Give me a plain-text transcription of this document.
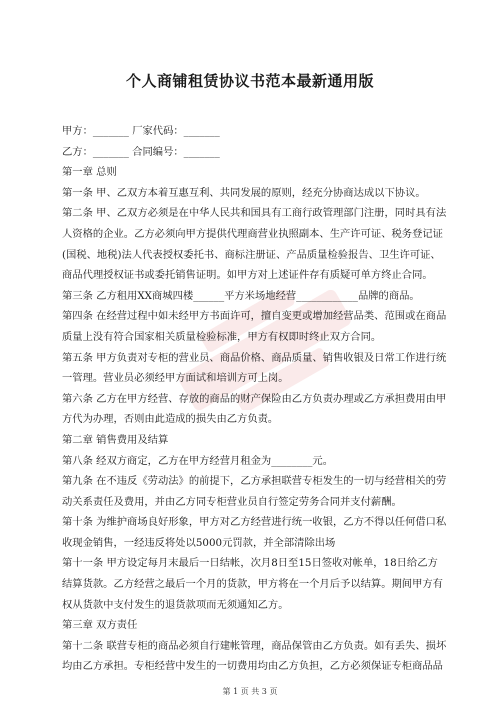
个人商铺租赁协议书范本最新通用版

甲方：_______ 厂家代码：_______

乙方：_______ 合同编号：_______

第一章 总则

第一条 甲、乙双方本着互惠互利、共同发展的原则，经充分协商达成以下协议。

第二条 甲、乙双方必须是在中华人民共和国具有工商行政管理部门注册，同时具有法

人资格的企业。乙方必须向甲方提供代理商营业执照副本、生产许可证、税务登记证

(国税、地税)法人代表授权委托书、商标注册证、产品质量检验报告、卫生许可证、

商品代理授权证书或委托销售证明。如甲方对上述证件存有质疑可单方终止合同。

第三条 乙方租用XX商城四楼______平方米场地经营____________品牌的商品。

第四条 在经营过程中如未经甲方书面许可，擅自变更或增加经营品类、范围或在商品

质量上没有符合国家相关质量检验标准，甲方有权即时终止双方合同。

第五条 甲方负责对专柜的营业员、商品价格、商品质量、销售收银及日常工作进行统

一管理。营业员必须经甲方面试和培训方可上岗。

第六条 乙方在甲方经营、存放的商品的财产保险由乙方负责办理或乙方承担费用由甲

方代为办理，否则由此造成的损失由乙方负责。

第二章 销售费用及结算

第八条 经双方商定，乙方在甲方经营月租金为________元。

第九条 在不违反《劳动法》的前提下，乙方承担联营专柜发生的一切与经营相关的劳

动关系责任及费用，并由乙方同专柜营业员自行签定劳务合同并支付薪酬。

第十条 为维护商场良好形象，甲方对乙方经营进行统一收银，乙方不得以任何借口私

收现金销售，一经违反将处以5000元罚款，并全部清除出场

第十一条 甲方设定每月末最后一日结帐，次月8日至15日签收对帐单，18日给乙方

结算货款。乙方经营之最后一个月的货款，甲方将在一个月后予以结算。期间甲方有

权从货款中支付发生的退货款项而无须通知乙方。

第三章 双方责任

第十二条 联营专柜的商品必须自行建帐管理，商品保管由乙方负责。如有丢失、损坏

均由乙方承担。专柜经营中发生的一切费用均由乙方负担，乙方必须保证专柜商品品

第 1 页 共 3 页
